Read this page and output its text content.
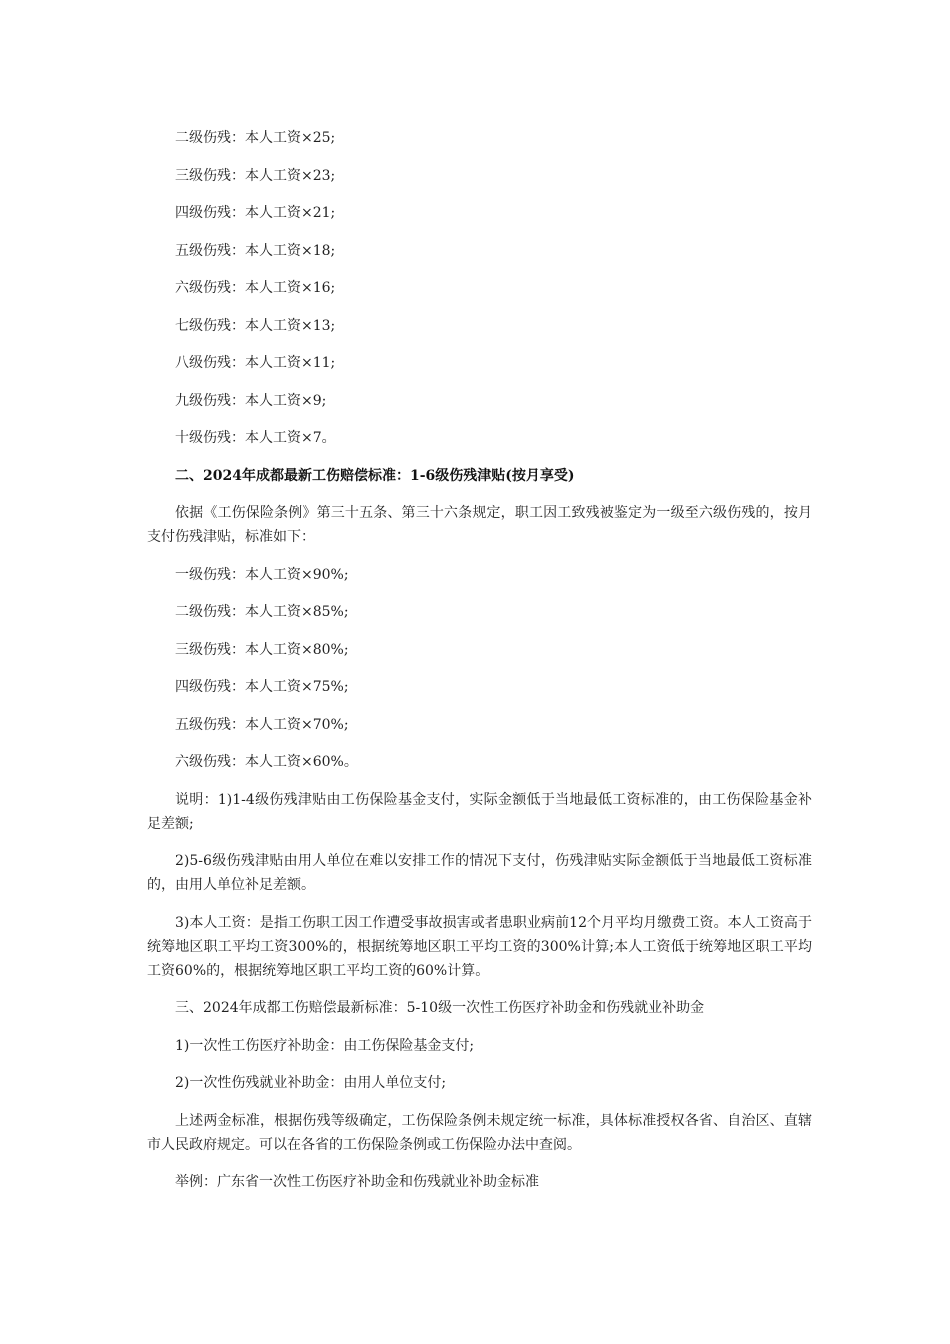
二级伤残：本人工资×25;
三级伤残：本人工资×23;
四级伤残：本人工资×21;
五级伤残：本人工资×18;
六级伤残：本人工资×16;
七级伤残：本人工资×13;
八级伤残：本人工资×11;
九级伤残：本人工资×9;
十级伤残：本人工资×7。
二、2024年成都最新工伤赔偿标准：1-6级伤残津贴(按月享受)
依据《工伤保险条例》第三十五条、第三十六条规定，职工因工致残被鉴定为一级至六级伤残的，按月支付伤残津贴，标准如下：
一级伤残：本人工资×90%;
二级伤残：本人工资×85%;
三级伤残：本人工资×80%;
四级伤残：本人工资×75%;
五级伤残：本人工资×70%;
六级伤残：本人工资×60%。
说明：1)1-4级伤残津贴由工伤保险基金支付，实际金额低于当地最低工资标准的，由工伤保险基金补足差额;
2)5-6级伤残津贴由用人单位在难以安排工作的情况下支付，伤残津贴实际金额低于当地最低工资标准的，由用人单位补足差额。
3)本人工资：是指工伤职工因工作遭受事故损害或者患职业病前12个月平均月缴费工资。本人工资高于统筹地区职工平均工资300%的，根据统筹地区职工平均工资的300%计算;本人工资低于统筹地区职工平均工资60%的，根据统筹地区职工平均工资的60%计算。
三、2024年成都工伤赔偿最新标准：5-10级一次性工伤医疗补助金和伤残就业补助金
1)一次性工伤医疗补助金：由工伤保险基金支付;
2)一次性伤残就业补助金：由用人单位支付;
上述两金标准，根据伤残等级确定，工伤保险条例未规定统一标准，具体标准授权各省、自治区、直辖市人民政府规定。可以在各省的工伤保险条例或工伤保险办法中查阅。
举例：广东省一次性工伤医疗补助金和伤残就业补助金标准
